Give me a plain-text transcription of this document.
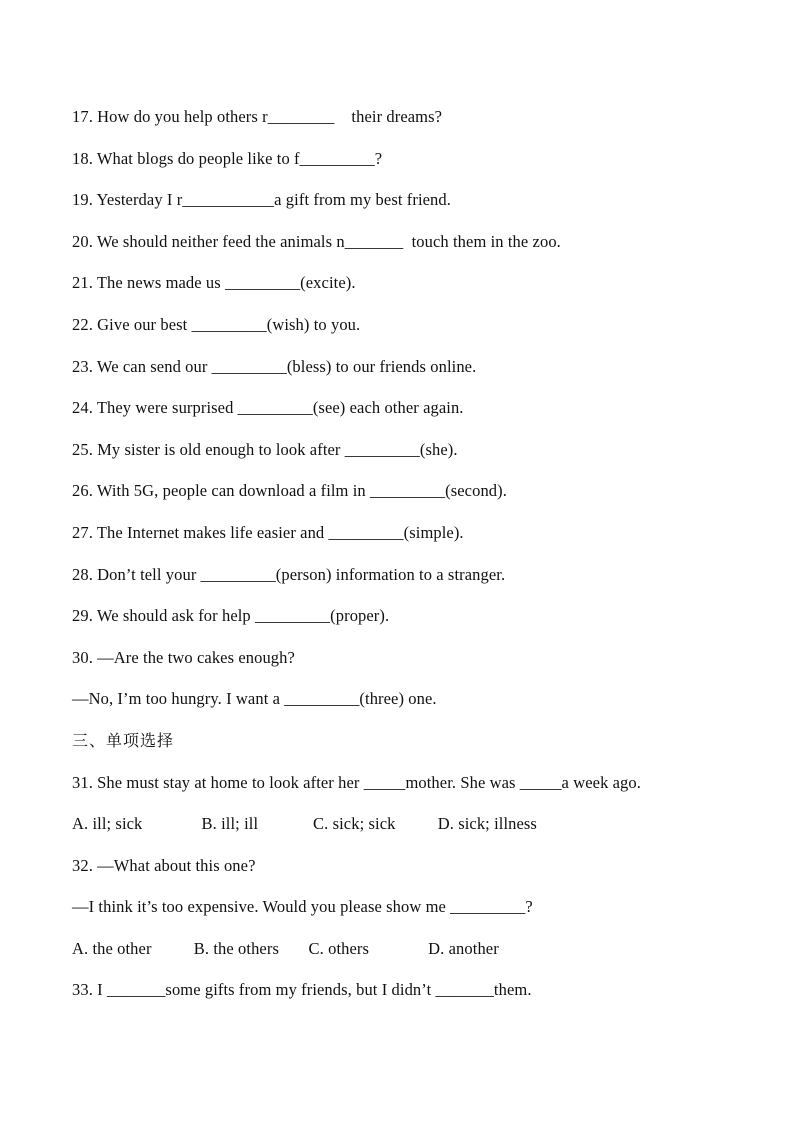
17. How do you help others r________    their dreams?
18. What blogs do people like to f_________?
19. Yesterday I r___________a gift from my best friend.
20. We should neither feed the animals n_______  touch them in the zoo.
21. The news made us _________(excite).
22. Give our best _________(wish) to you.
23. We can send our _________(bless) to our friends online.
24. They were surprised _________(see) each other again.
25. My sister is old enough to look after _________(she).
26. With 5G, people can download a film in _________(second).
27. The Internet makes life easier and _________(simple).
28. Don’t tell your _________(person) information to a stranger.
29. We should ask for help _________(proper).
30. —Are the two cakes enough?
—No, I’m too hungry. I want a _________(three) one.
三、单项选择
31. She must stay at home to look after her _____mother. She was _____a week ago.
A. ill; sick              B. ill; ill             C. sick; sick          D. sick; illness
32. —What about this one?
—I think it’s too expensive. Would you please show me _________?
A. the other          B. the others       C. others              D. another
33. I _______some gifts from my friends, but I didn’t _______them.
